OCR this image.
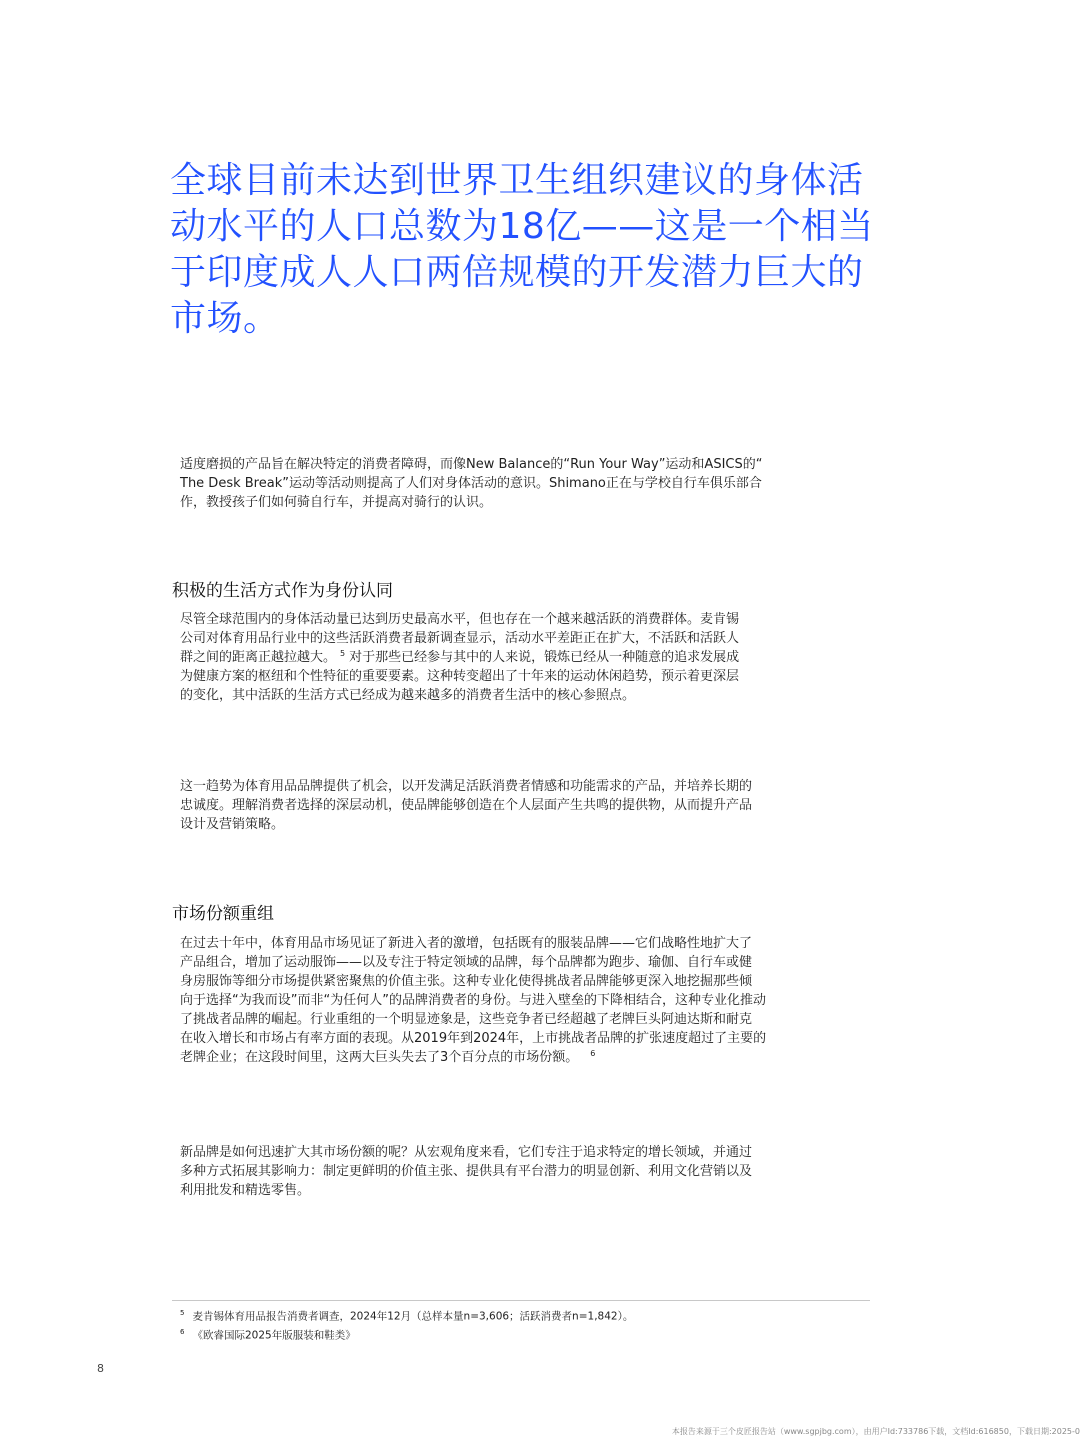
全球目前未达到世界卫生组织建议的身体活
动水平的人口总数为18亿——这是一个相当
于印度成人人口两倍规模的开发潜力巨大的
市场。

适度磨损的产品旨在解决特定的消费者障碍，而像New Balance的“Run Your Way”运动和ASICS的“
The Desk Break”运动等活动则提高了人们对身体活动的意识。Shimano正在与学校自行车俱乐部合
作，教授孩子们如何骑自行车，并提高对骑行的认识。

积极的生活方式作为身份认同

尽管全球范围内的身体活动量已达到历史最高水平，但也存在一个越来越活跃的消费群体。麦肯锡
公司对体育用品行业中的这些活跃消费者最新调查显示，活动水平差距正在扩大，不活跃和活跃人
群之间的距离正越拉越大。 $^5$ 对于那些已经参与其中的人来说，锻炼已经从一种随意的追求发展成
为健康方案的枢纽和个性特征的重要要素。这种转变超出了十年来的运动休闲趋势，预示着更深层
的变化，其中活跃的生活方式已经成为越来越多的消费者生活中的核心参照点。

这一趋势为体育用品品牌提供了机会，以开发满足活跃消费者情感和功能需求的产品，并培养长期的
忠诚度。理解消费者选择的深层动机，使品牌能够创造在个人层面产生共鸣的提供物，从而提升产品
设计及营销策略。

市场份额重组

在过去十年中，体育用品市场见证了新进入者的激增，包括既有的服装品牌——它们战略性地扩大了
产品组合，增加了运动服饰——以及专注于特定领域的品牌，每个品牌都为跑步、瑜伽、自行车或健
身房服饰等细分市场提供紧密聚焦的价值主张。这种专业化使得挑战者品牌能够更深入地挖掘那些倾
向于选择“为我而设”而非“为任何人”的品牌消费者的身份。与进入壁垒的下降相结合，这种专业化推动
了挑战者品牌的崛起。行业重组的一个明显迹象是，这些竞争者已经超越了老牌巨头阿迪达斯和耐克
在收入增长和市场占有率方面的表现。从2019年到2024年，上市挑战者品牌的扩张速度超过了主要的
老牌企业；在这段时间里，这两大巨头失去了3个百分点的市场份额。 $^6$

新品牌是如何迅速扩大其市场份额的呢？从宏观角度来看，它们专注于追求特定的增长领域，并通过
多种方式拓展其影响力：制定更鲜明的价值主张、提供具有平台潜力的明显创新、利用文化营销以及
利用批发和精选零售。

$^5$ 麦肯锡体育用品报告消费者调查，2024年12月（总样本量n=3,606；活跃消费者n=1,842）。
$^6$ 《欧睿国际2025年版服装和鞋类》
8
本报告来源于三个皮匠报告站（www.sgpjbg.com），由用户Id:733786下载，文档Id:616850，下载日期:2025-0
